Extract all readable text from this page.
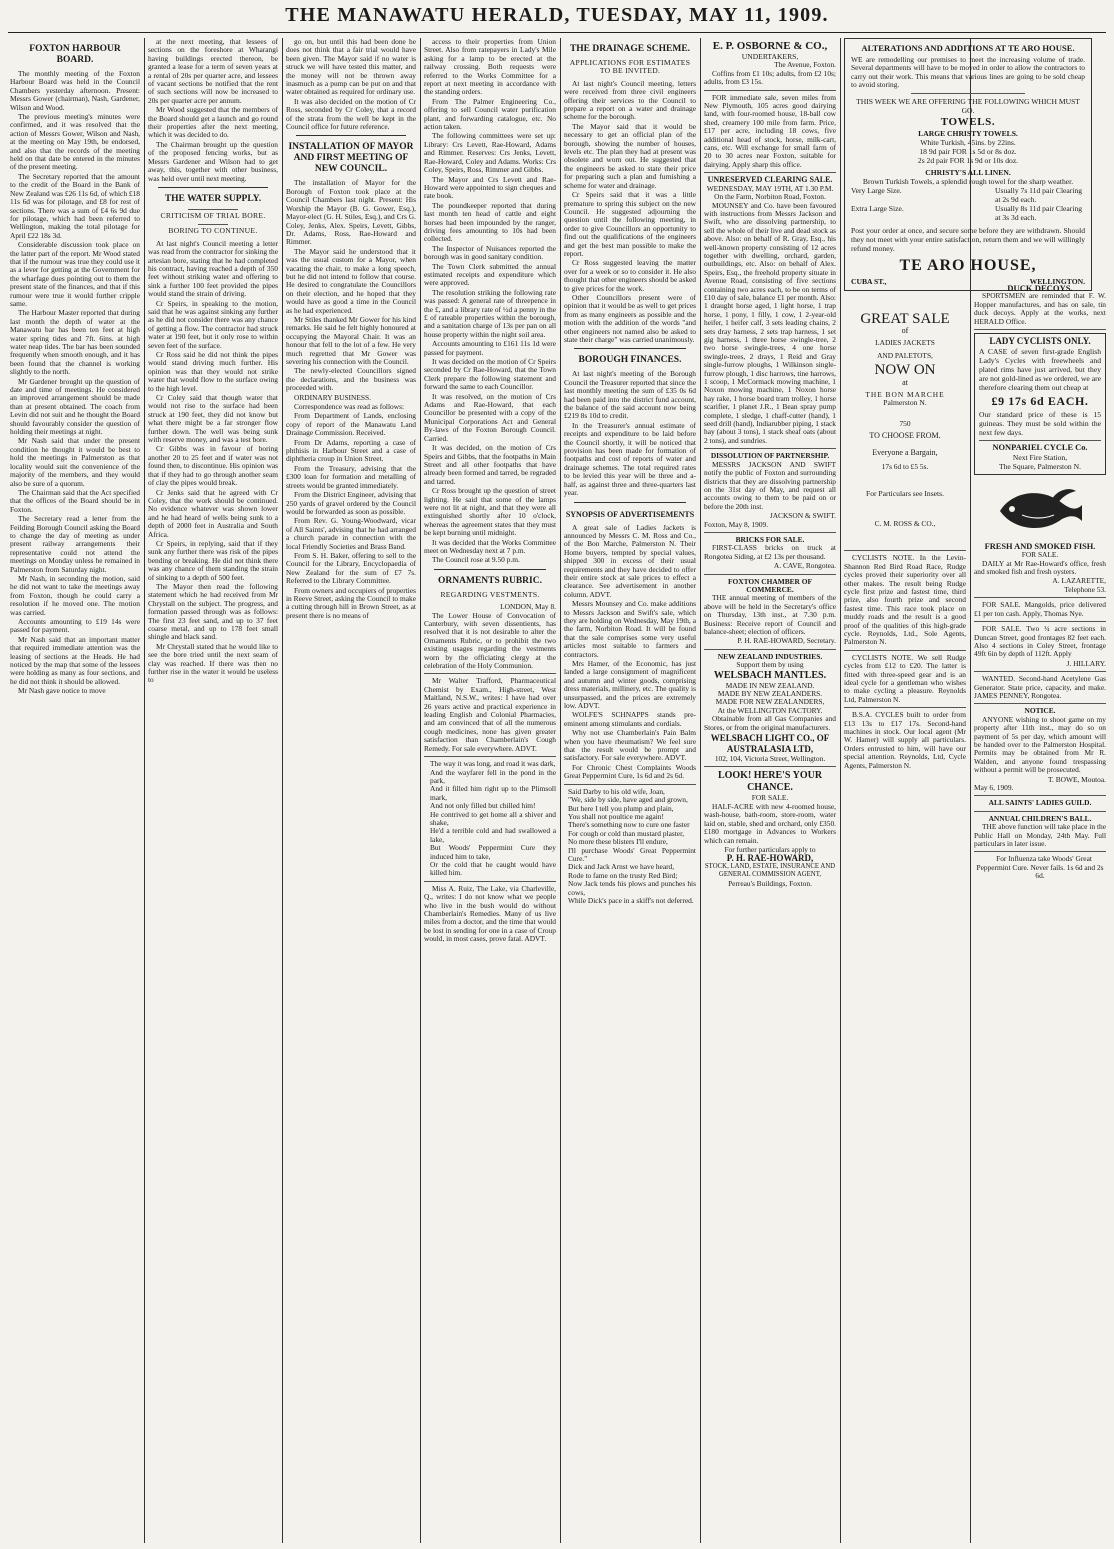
THE MANAWATU HERALD, TUESDAY, MAY 11, 1909.
FOXTON HARBOUR BOARD.

The monthly meeting of the Foxton Harbour Board was held in the Council Chambers yesterday afternoon. Present: Messrs Gower (chairman), Nash, Gardener, Wilson and Wood.

The previous meeting's minutes were confirmed, and it was resolved that the action of Messrs Gower, Wilson and Nash, at the meeting on May 19th, be endorsed, and also that the records of the meeting held on that date be entered in the minutes of the present meeting.

The Secretary reported that the amount to the credit of the Board in the Bank of New Zealand was £26 11s 6d, of which £18 11s 6d was for pilotage, and £8 for rest of sections. There was a sum of £4 6s 9d due for pilotage, which had been referred to Wellington, making the total pilotage for April £22 18s 3d.

Considerable discussion took place on the latter part of the report. Mr Wood stated that if the rumour was true they could use it as a lever for getting at the Government for the wharfage dues pointing out to them the present state of the finances, and that if this rumour were true it would further cripple same.

The Harbour Master reported that during last month the depth of water at the Manawatu bar has been ten feet at high water spring tides and 7ft. 6ins. at high water neap tides. The bar has been sounded frequently when smooth enough, and it has been found that the channel is working slightly to the north.

Mr Gardener brought up the question of date and time of meetings. He considered an improved arrangement should be made than at present obtained. The coach from Levin did not suit and he thought the Board should favourably consider the question of holding their meetings at night.

Mr Nash said that under the present condition he thought it would be best to hold the meetings in Palmerston as that locality would suit the convenience of the majority of the members, and they would also be sure of a quorum.

The Chairman said that the Act specified that the offices of the Board should be in Foxton.

The Secretary read a letter from the Feilding Borough Council asking the Board to change the day of meeting as under present railway arrangements their representative could not attend the meetings on Monday unless he remained in Palmerston from Saturday night.

Mr Nash, in seconding the motion, said he did not want to take the meetings away from Foxton, though he could carry a resolution if he moved one. The motion was carried.

Accounts amounting to £19 14s were passed for payment.

Mr Nash said that an important matter that required immediate attention was the leasing of sections at the Heads. He had noticed by the map that some of the lessees were holding as many as four sections, and he did not think it should be allowed.

Mr Nash gave notice to move

at the next meeting, that lessees of sections on the foreshore at Wharangi having buildings erected thereon, be granted a lease for a term of seven years at a rental of 20s per quarter acre, and lessees of vacant sections be notified that the rent of such sections will now be increased to 20s per quarter acre per annum.

Mr Wood suggested that the members of the Board should get a launch and go round their properties after the next meeting, which it was decided to do.

The Chairman brought up the question of the proposed fencing works, but as Messrs Gardener and Wilson had to get away, this, together with other business, was held over until next meeting.

THE WATER SUPPLY.
CRITICISM OF TRIAL BORE.
BORING TO CONTINUE.

At last night's Council meeting a letter was read from the contractor for sinking the artesian bore, stating that he had completed his contract, having reached a depth of 350 feet without striking water and offering to sink a further 100 feet provided the pipes would stand the strain of driving.

Cr Speirs, in speaking to the motion, said that he was against sinking any further as he did not consider there was any chance of getting a flow. The contractor had struck water at 190 feet, but it only rose to within seven feet of the surface.

Cr Ross said he did not think the pipes would stand driving much further. His opinion was that they would not strike water that would flow to the surface owing to the high level.

Cr Coley said that though water that would not rise to the surface had been struck at 190 feet, they did not know but what there might be a far stronger flow further down. The well was being sunk with reserve money, and was a test bore.

Cr Gibbs was in favour of boring another 20 to 25 feet and if water was not found then, to discontinue. His opinion was that if they had to go through another seam of clay the pipes would break.

Cr Jenks said that he agreed with Cr Coley, that the work should be continued. No evidence whatever was shown lower and he had heard of wells being sunk to a depth of 2000 feet in Australia and South Africa.

Cr Speirs, in replying, said that if they sunk any further there was risk of the pipes bending or breaking. He did not think there was any chance of them standing the strain of sinking to a depth of 500 feet.

The Mayor then read the following statement which he had received from Mr Chrystall on the subject. The progress, and formation passed through was as follows: The first 23 feet sand, and up to 37 feet coarse metal, and up to 178 feet small shingle and black sand.

Mr Chrystall stated that he would like to see the bore tried until the next seam of clay was reached. If there was then no further rise in the water it would be useless to

go on, but until this had been done he does not think that a fair trial would have been given. The Mayor said if no water is struck we will have tested this matter, and the money will not be thrown away inasmuch as a pump can be put on and that water obtained as required for ordinary use.

It was also decided on the motion of Cr Ross, seconded by Cr Coley, that a record of the strata from the well be kept in the Council office for future reference.

INSTALLATION OF MAYOR AND FIRST MEETING OF NEW COUNCIL.

The installation of Mayor for the Borough of Foxton took place at the Council Chambers last night. Present: His Worship the Mayor (B. G. Gower, Esq.), Mayor-elect (G. H. Stiles, Esq.), and Crs G. Coley, Jenks, Alex. Speirs, Levett, Gibbs, Dr. Adams, Ross, Rae-Howard and Rimmer.

The Mayor said he understood that it was the usual custom for a Mayor, when vacating the chair, to make a long speech, but he did not intend to follow that course. He desired to congratulate the Councillors on their election, and he hoped that they would have as good a time in the Council as he had experienced.

Mr Stiles thanked Mr Gower for his kind remarks. He said he felt highly honoured at occupying the Mayoral Chair. It was an honour that fell to the lot of a few. He very much regretted that Mr Gower was severing his connection with the Council.

The newly-elected Councillors signed the declarations, and the business was proceeded with.

ORDINARY BUSINESS.

Correspondence was read as follows:

From Department of Lands, enclosing copy of report of the Manawatu Land Drainage Commission. Received.

From Dr Adams, reporting a case of phthisis in Harbour Street and a case of diphtheria croup in Union Street.

From the Treasury, advising that the £300 loan for formation and metalling of streets would be granted immediately.

From the District Engineer, advising that 250 yards of gravel ordered by the Council would be forwarded as soon as possible.

From Rev. G. Young-Woodward, vicar of All Saints', advising that he had arranged a church parade in connection with the local Friendly Societies and Brass Band.

From S. H. Baker, offering to sell to the Council for the Library, Encyclopaedia of New Zealand for the sum of £7 7s. Referred to the Library Committee.

From owners and occupiers of properties in Reeve Street, asking the Council to make a cutting through hill in Brown Street, as at present there is no means of

access to their properties from Union Street. Also from ratepayers in Lady's Mile asking for a lamp to be erected at the railway crossing. Both requests were referred to the Works Committee for a report at next meeting in accordance with the standing orders.

From The Palmer Engineering Co., offering to sell Council water purification plant, and forwarding catalogue, etc. No action taken.

The following committees were set up: Library: Crs Levett, Rae-Howard, Adams and Rimmer. Reserves: Crs Jenks, Levett, Rae-Howard, Coley and Adams. Works: Crs Coley, Speirs, Ross, Rimmer and Gibbs.

The Mayor and Crs Levett and Rae-Howard were appointed to sign cheques and rate book.

The poundkeeper reported that during last month ten head of cattle and eight horses had been impounded by the ranger, driving fees amounting to 10s had been collected.

The Inspector of Nuisances reported the borough was in good sanitary condition.

The Town Clerk submitted the annual estimated receipts and expenditure which were approved.

The resolution striking the following rate was passed: A general rate of threepence in the £, and a library rate of ½d a penny in the £ of rateable properties within the borough, and a sanitation charge of 13s per pan on all house property within the night soil area.

Accounts amounting to £161 11s 1d were passed for payment.

It was decided on the motion of Cr Speirs seconded by Cr Rae-Howard, that the Town Clerk prepare the following statement and forward the same to each Councillor.

It was resolved, on the motion of Crs Adams and Rae-Howard, that each Councillor be presented with a copy of the Municipal Corporations Act and General By-laws of the Foxton Borough Council. Carried.

It was decided, on the motion of Crs Speirs and Gibbs, that the footpaths in Main Street and all other footpaths that have already been formed and tarred, be regraded and tarred.

Cr Ross brought up the question of street lighting. He said that some of the lamps were not lit at night, and that they were all extinguished shortly after 10 o'clock, whereas the agreement states that they must be kept burning until midnight.

It was decided that the Works Committee meet on Wednesday next at 7 p.m.

The Council rose at 9.50 p.m.

ORNAMENTS RUBRIC.
REGARDING VESTMENTS.
LONDON, May 8.

The Lower House of Convocation of Canterbury, with seven dissentients, has resolved that it is not desirable to alter the Ornaments Rubric, or to prohibit the two existing usages regarding the vestments worn by the officiating clergy at the celebration of the Holy Communion.

Mr Walter Trafford, Pharmaceutical Chemist by Exam., High-street, West Maitland, N.S.W., writes: I have had over 26 years active and practical experience in leading English and Colonial Pharmacies, and am convinced that of all the numerous cough medicines, none has given greater satisfaction than Chamberlain's Cough Remedy. For sale everywhere. ADVT.

The way it was long, and road it was dark,
And the wayfarer fell in the pond in the park,
And it filled him right up to the Plimsoll mark,
And not only filled but chilled him!
He contrived to get home all a shiver and shake,
He'd a terrible cold and had swallowed a lake,
But Woods' Peppermint Cure they induced him to take,
Or the cold that he caught would have killed him.

Miss A. Ruiz, The Lake, via Charleville, Q., writes: I do not know what we people who live in the bush would do without Chamberlain's Remedies. Many of us live miles from a doctor, and the time that would be lost in sending for one in a case of Croup would, in most cases, prove fatal. ADVT.

THE DRAINAGE SCHEME.
APPLICATIONS FOR ESTIMATES TO BE INVITED.

At last night's Council meeting, letters were received from three civil engineers offering their services to the Council to prepare a report on a water and drainage scheme for the borough.

The Mayor said that it would be necessary to get an official plan of the borough, showing the number of houses, levels etc. The plan they had at present was obsolete and worn out. He suggested that the engineers be asked to state their price for preparing such a plan and furnishing a scheme for water and drainage.

Cr Speirs said that it was a little premature to spring this subject on the new Council. He suggested adjourning the question until the following meeting, in order to give Councillors an opportunity to find out the qualifications of the engineers and get the best man possible to make the report.

Cr Ross suggested leaving the matter over for a week or so to consider it. He also thought that other engineers should be asked to give prices for the work.

Other Councillors present were of opinion that it would be as well to get prices from as many engineers as possible and the motion with the addition of the words "and other engineers not named also be asked to state their charge" was carried unanimously.

BOROUGH FINANCES.

At last night's meeting of the Borough Council the Treasurer reported that since the last monthly meeting the sum of £35 0s 6d had been paid into the district fund account, the balance of the said account now being £219 8s 10d to credit.

In the Treasurer's annual estimate of receipts and expenditure to be laid before the Council shortly, it will be noticed that provision has been made for formation of footpaths and cost of reports of water and drainage schemes. The total required rates to be levied this year will be three and a-half, as against three and three-quarters last year.

SYNOPSIS OF ADVERTISEMENTS

A great sale of Ladies Jackets is announced by Messrs C. M. Ross and Co., of the Bon Marche, Palmerston N. Their Home buyers, tempted by special values, shipped 300 in excess of their usual requirements and they have decided to offer their entire stock at sale prices to effect a clearance. See advertisement in another column. ADVT.

Messrs Mounsey and Co. make additions to Messrs Jackson and Swift's sale, which they are holding on Wednesday, May 19th, a the farm, Norbiton Road. It will be found that the sale comprises some very useful articles most suitable to farmers and contractors.

Mrs Hamer, of the Economic, has just landed a large consignment of magnificent and autumn and winter goods, comprising dress materials, millinery, etc. The quality is unsurpassed, and the prices are extremely low. ADVT.

WOLFE'S SCHNAPPS stands pre-eminent among stimulants and cordials.

Why not use Chamberlain's Pain Balm when you have rheumatism? We feel sure that the result would be prompt and satisfactory. For sale everywhere. ADVT.

For Chronic Chest Complaints Woods Great Peppermint Cure, 1s 6d and 2s 6d.

Said Darby to his old wife, Joan,
"We, side by side, have aged and grown,
But here I tell you plump and plain,
You shall not poultice me again!
There's something now to cure one faster
For cough or cold than mustard plaster,
No more these blisters I'll endure,
I'll purchase Woods' Great Peppermint Cure."
Dick and Jack Arnst we have heard,
Rode to fame on the trusty Red Bird;
Now Jack tends his plows and punches his cows,
While Dick's pace in a skiff's not deferred.
E. P. OSBORNE & CO.,
UNDERTAKERS,
The Avenue, Foxton.

Coffins from £1 10s; adults, from £2 10s; adults, from £3 15s.

FOR immediate sale, seven miles from New Plymouth, 105 acres good dairying land, with four-roomed house, 18-ball cow shed, creamery 100 mile from farm. Price, £17 per acre, including 18 cows, five additional head of stock, horse, milk-cart, cans, etc. Will exchange for small farm of 20 to 30 acres near Foxton, suitable for dairying. Apply sharp this office.

UNRESERVED CLEARING SALE.
WEDNESDAY, MAY 19TH, AT 1.30 P.M.
On the Farm, Norbiton Road, Foxton.

MOUNSEY and Co. have been favoured with instructions from Messrs Jackson and Swift, who are dissolving partnership, to sell the whole of their live and dead stock as above. Also: on behalf of R. Gray, Esq., his well-known property consisting of 12 acres together with dwelling, orchard, garden, outbuildings, etc. Also: on behalf of Alex. Speirs, Esq., the freehold property situate in Avenue Road, consisting of five sections containing two acres each, to be on terms of £10 day of sale, balance £1 per month. Also: 1 draught horse aged, 1 light horse, 1 trap horse, 1 pony, 1 filly, 1 cow, 1 2-year-old heifer, 1 heifer calf, 3 sets leading chains, 2 sets dray harness, 2 sets trap harness, 1 set gig harness, 1 three horse swingle-tree, 2 two horse swingle-trees, 4 one horse swingle-trees, 2 drays, 1 Reid and Gray single-furrow ploughs, 1 Wilkinson single-furrow plough, 1 disc harrows, tine harrows, 1 scoop, 1 McCormack mowing machine, 1 Noxon mowing machine, 1 Noxon horse hay rake, 1 horse board tram trolley, 1 horse scarifier, 1 planet J.R., 1 Bean spray pump complete, 1 sledge, 1 chaff-cutter (hand), 1 seed drill (hand), Indiarubber piping, 1 stack hay (about 3 tons), 1 stack sheaf oats (about 2 tons), and sundries.

DISSOLUTION OF PARTNERSHIP.

MESSRS JACKSON AND SWIFT notify the public of Foxton and surrounding districts that they are dissolving partnership on the 31st day of May, and request all accounts owing to them to be paid on or before the 20th inst.

JACKSON & SWIFT.
Foxton, May 8, 1909.
BRICKS FOR SALE.

FIRST-CLASS bricks on truck at Rongotea Siding, at £2 13s per thousand.

A. CAVE, Rongotea.
FOXTON CHAMBER OF COMMERCE.

THE annual meeting of members of the above will be held in the Secretary's office on Thursday, 13th inst., at 7.30 p.m. Business: Receive report of Council and balance-sheet; election of officers.

P. H. RAE-HOWARD, Secretary.
NEW ZEALAND INDUSTRIES.
Support them by using
WELSBACH MANTLES.
MADE IN NEW ZEALAND.
MADE BY NEW ZEALANDERS.
MADE FOR NEW ZEALANDERS,
At the WELLINGTON FACTORY.

Obtainable from all Gas Companies and Stores, or from the original manufacturers.

WELSBACH LIGHT CO., OF AUSTRALASIA LTD,
102, 104, Victoria Street, Wellington.
LOOK! HERE'S YOUR CHANCE.
FOR SALE.

HALF-ACRE with new 4-roomed house, wash-house, bath-room, store-room, water laid on, stable, shed and orchard, only £350. £180 mortgage in Advances to Workers which can remain.

For further particulars apply to
P. H. RAE-HOWARD,
STOCK, LAND, ESTATE, INSURANCE AND GENERAL COMMISSION AGENT,
Perreau's Buildings, Foxton.
ALTERATIONS AND ADDITIONS AT TE ARO HOUSE.

WE are remodelling our premises to meet the increasing volume of trade. Several departments will have to be moved in order to allow the contractors to carry out their work. This means that various lines are going to be sold cheap to avoid storing.

THIS WEEK WE ARE OFFERING THE FOLLOWING WHICH MUST GO.
TOWELS.
LARGE CHRISTY TOWELS.
White Turkish, 45ins. by 22ins.
18 9d pair FOR 1s 5d or 8s doz.
2s 2d pair FOR 1s 9d or 10s doz.
CHRISTY'S ALL LINEN.
Brown Turkish Towels, a splendid rough towel for the sharp weather.
Very Large Size.	Usually 7s 11d pair Clearing at 2s 9d each.
Extra Large Size.	Usually 8s 11d pair Clearing at 3s 3d each.

Post your order at once, and secure some before they are withdrawn. Should they not meet with your entire satisfaction, return them and we will willingly refund money.

TE ARO HOUSE,
CUBA ST.,	WELLINGTON.
GREAT SALE
of
LADIES JACKETS
AND PALETOTS,
NOW ON
at
THE BON MARCHE
Palmerston N.
750
TO CHOOSE FROM.
Everyone a Bargain,
17s 6d to £5 5s.
For Particulars see Insets.
C. M. ROSS & CO.,

CYCLISTS NOTE. In the Levin-Shannon Red Bird Road Race, Rudge cycles proved their superiority over all other makes. The result being Rudge cycle first prize and fastest time, third prize, also fourth prize and second fastest time. This race took place on muddy roads and the result is a good proof of the qualities of this high-grade cycle. Reynolds, Ltd., Sole Agents, Palmerston N.

CYCLISTS NOTE. We sell Rudge cycles from £12 to £20. The latter is fitted with three-speed gear and is an ideal cycle for a gentleman who wishes to make cycling a pleasure. Reynolds Ltd, Palmerston N.

B.S.A. CYCLES built to order from £13 13s to £17 17s. Second-hand machines in stock. Our local agent (Mr W. Hamer) will supply all particulars. Orders entrusted to him, will have our special attention. Reynolds, Ltd, Cycle Agents, Palmerston N.

DUCK DECOYS.

SPORTSMEN are reminded that F. W. Hopper manufactures, and has on sale, tin duck decoys. Apply at the works, next HERALD Office.

LADY CYCLISTS ONLY.

A CASE of seven first-grade English Lady's Cycles with freewheels and plated rims have just arrived, but they are not gold-lined as we ordered, we are therefore clearing them out cheap at

£9 17s 6d EACH.

Our standard price of these is 15 guineas. They must be sold within the next few days.

NONPARIEL CYCLE Co.
Next Fire Station,
The Square, Palmerston N.
FRESH AND SMOKED FISH.
FOR SALE.

DAILY at Mr Rae-Howard's office, fresh and smoked fish and fresh oysters.

A. LAZARETTE,
Telephone 53.

FOR SALE. Mangolds, price delivered £1 per ton cash. Apply, Thomas Nye.

FOR SALE. Two ¼ acre sections in Duncan Street, good frontages 82 feet each. Also 4 sections in Coley Street, frontage 49ft 6in by depth of 112ft. Apply

J. HILLARY.

WANTED. Second-hand Acetylene Gas Generator. State price, capacity, and make. JAMES PENNEY, Rongotea.

NOTICE.

ANYONE wishing to shoot game on my property after 11th inst., may do so on payment of 5s per day, which amount will be handed over to the Palmerston Hospital. Permits may be obtained from Mr R. Walden, and anyone found trespassing without a permit will be prosecuted.

T. BOWE, Moutoa.
May 6, 1909.
ALL SAINTS' LADIES GUILD.
ANNUAL CHILDREN'S BALL.

THE above function will take place in the Public Hall on Monday, 24th May. Full particulars in later issue.

For Influenza take Woods' Great Peppermint Cure. Never fails. 1s 6d and 2s 6d.
